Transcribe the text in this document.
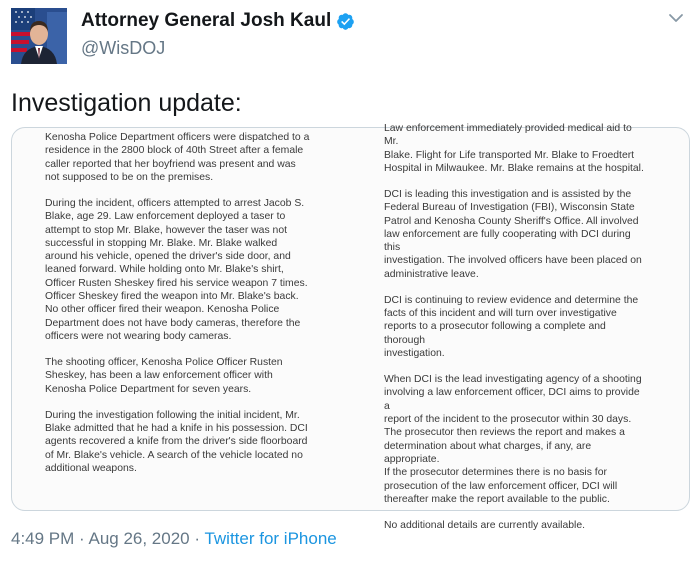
Attorney General Josh Kaul
@WisDOJ
Investigation update:

Kenosha Police Department officers were dispatched to a
residence in the 2800 block of 40th Street after a female
caller reported that her boyfriend was present and was
not supposed to be on the premises.

During the incident, officers attempted to arrest Jacob S.
Blake, age 29. Law enforcement deployed a taser to
attempt to stop Mr. Blake, however the taser was not
successful in stopping Mr. Blake. Mr. Blake walked
around his vehicle, opened the driver's side door, and
leaned forward. While holding onto Mr. Blake's shirt,
Officer Rusten Sheskey fired his service weapon 7 times.
Officer Sheskey fired the weapon into Mr. Blake's back.
No other officer fired their weapon. Kenosha Police
Department does not have body cameras, therefore the
officers were not wearing body cameras.

The shooting officer, Kenosha Police Officer Rusten
Sheskey, has been a law enforcement officer with
Kenosha Police Department for seven years.

During the investigation following the initial incident, Mr.
Blake admitted that he had a knife in his possession. DCI
agents recovered a knife from the driver's side floorboard
of Mr. Blake's vehicle. A search of the vehicle located no
additional weapons.

Law enforcement immediately provided medical aid to Mr.
Blake. Flight for Life transported Mr. Blake to Froedtert
Hospital in Milwaukee. Mr. Blake remains at the hospital.

DCI is leading this investigation and is assisted by the
Federal Bureau of Investigation (FBI), Wisconsin State
Patrol and Kenosha County Sheriff's Office. All involved
law enforcement are fully cooperating with DCI during this
investigation. The involved officers have been placed on
administrative leave.

DCI is continuing to review evidence and determine the
facts of this incident and will turn over investigative
reports to a prosecutor following a complete and thorough
investigation.

When DCI is the lead investigating agency of a shooting
involving a law enforcement officer, DCI aims to provide a
report of the incident to the prosecutor within 30 days.
The prosecutor then reviews the report and makes a
determination about what charges, if any, are appropriate.
If the prosecutor determines there is no basis for
prosecution of the law enforcement officer, DCI will
thereafter make the report available to the public.

No additional details are currently available.

4:49 PM · Aug 26, 2020 · Twitter for iPhone
